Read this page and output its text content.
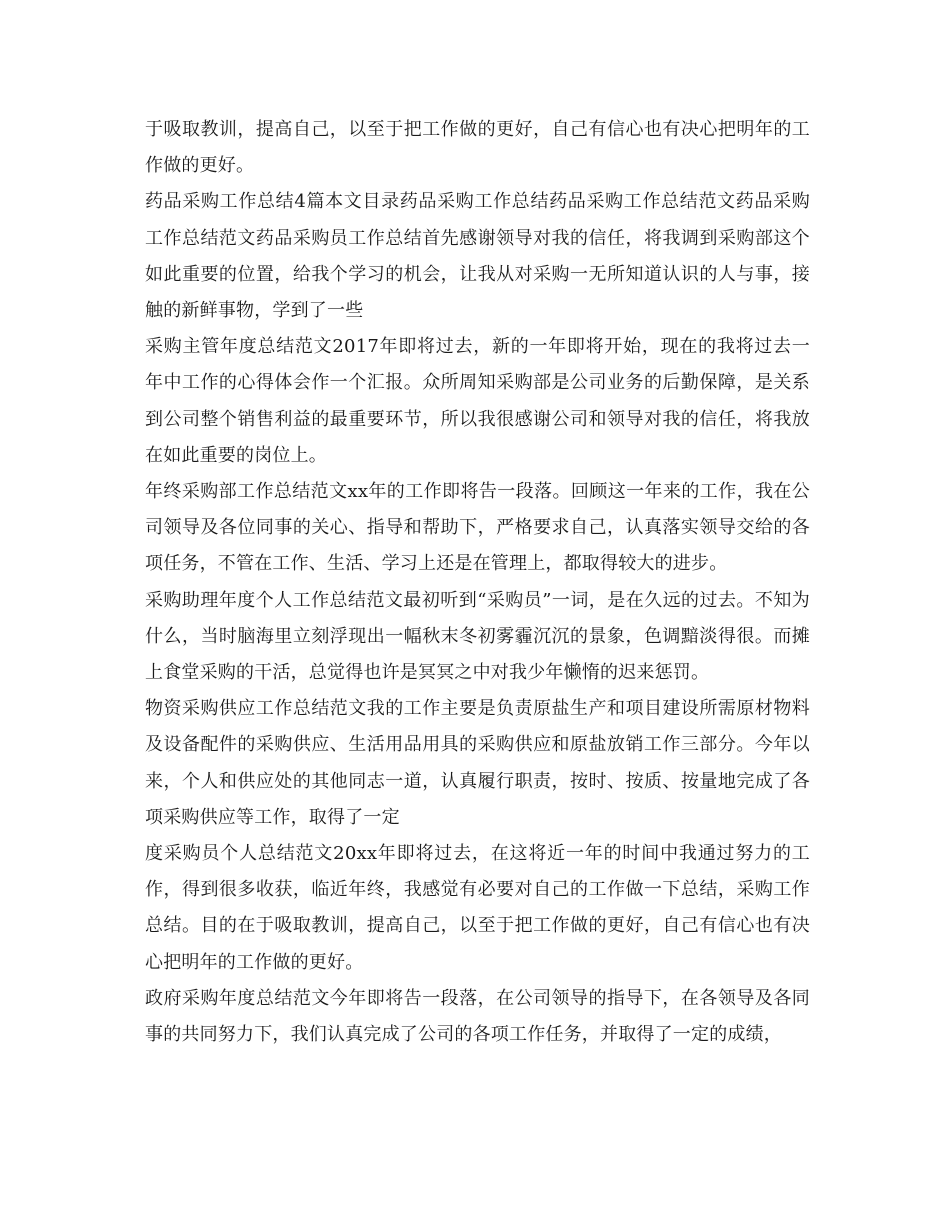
于吸取教训，提高自己，以至于把工作做的更好，自己有信心也有决心把明年的工作做的更好。

药品采购工作总结4篇本文目录药品采购工作总结药品采购工作总结范文药品采购工作总结范文药品采购员工作总结首先感谢领导对我的信任，将我调到采购部这个如此重要的位置，给我个学习的机会，让我从对采购一无所知道认识的人与事，接触的新鲜事物，学到了一些

采购主管年度总结范文2017年即将过去，新的一年即将开始，现在的我将过去一年中工作的心得体会作一个汇报。众所周知采购部是公司业务的后勤保障，是关系到公司整个销售利益的最重要环节，所以我很感谢公司和领导对我的信任，将我放在如此重要的岗位上。

年终采购部工作总结范文xx年的工作即将告一段落。回顾这一年来的工作，我在公司领导及各位同事的关心、指导和帮助下，严格要求自己，认真落实领导交给的各项任务，不管在工作、生活、学习上还是在管理上，都取得较大的进步。

采购助理年度个人工作总结范文最初听到“采购员”一词，是在久远的过去。不知为什么，当时脑海里立刻浮现出一幅秋末冬初雾霾沉沉的景象，色调黯淡得很。而摊上食堂采购的干活，总觉得也许是冥冥之中对我少年懒惰的迟来惩罚。

物资采购供应工作总结范文我的工作主要是负责原盐生产和项目建设所需原材物料及设备配件的采购供应、生活用品用具的采购供应和原盐放销工作三部分。今年以来，个人和供应处的其他同志一道，认真履行职责，按时、按质、按量地完成了各项采购供应等工作，取得了一定

度采购员个人总结范文20xx年即将过去，在这将近一年的时间中我通过努力的工作，得到很多收获，临近年终，我感觉有必要对自己的工作做一下总结，采购工作总结。目的在于吸取教训，提高自己，以至于把工作做的更好，自己有信心也有决心把明年的工作做的更好。

政府采购年度总结范文今年即将告一段落，在公司领导的指导下，在各领导及各同事的共同努力下，我们认真完成了公司的各项工作任务，并取得了一定的成绩，
